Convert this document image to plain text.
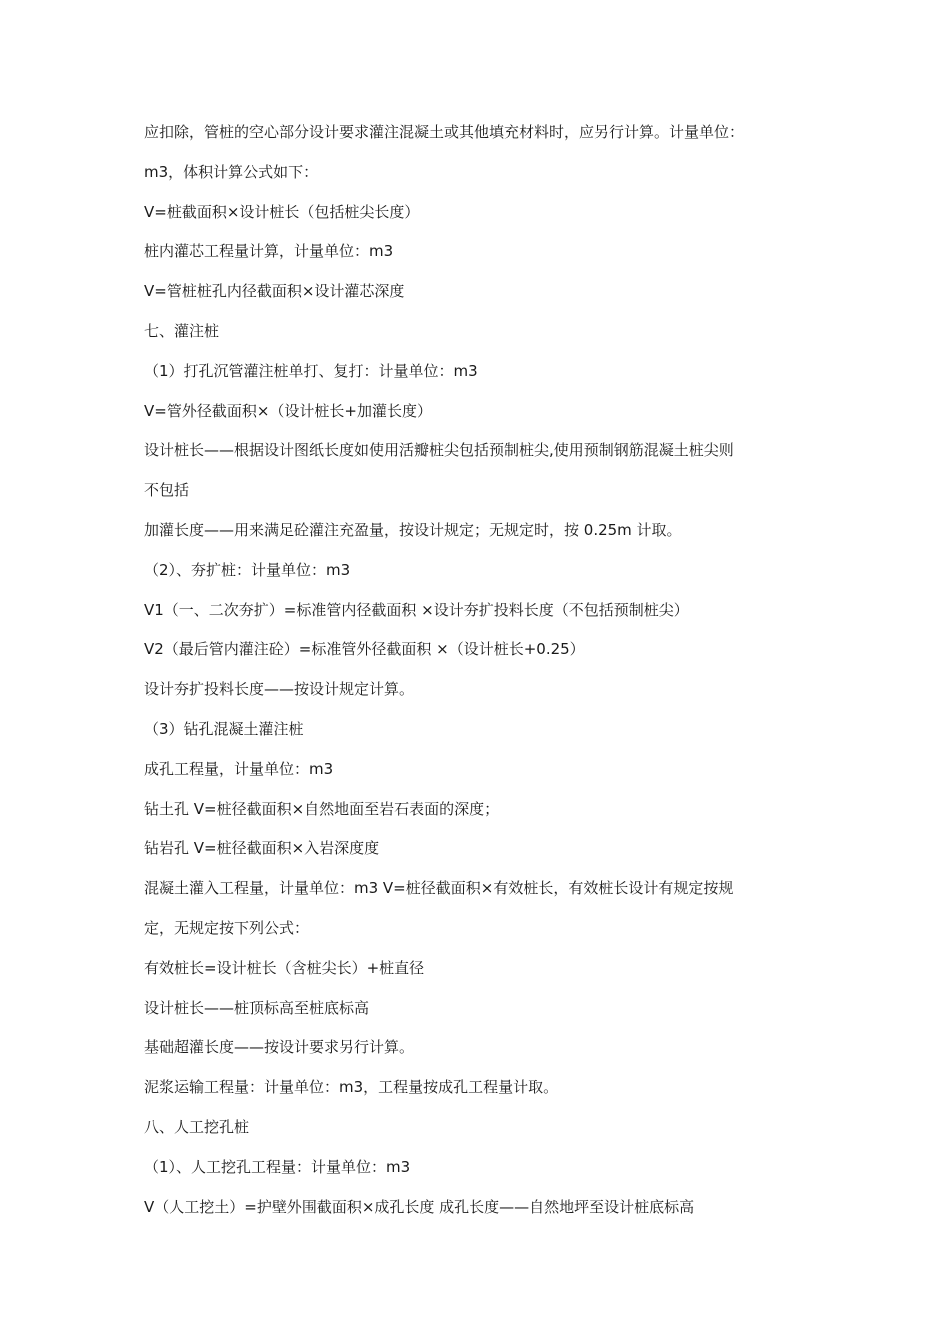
应扣除，管桩的空心部分设计要求灌注混凝土或其他填充材料时，应另行计算。计量单位：
m3，体积计算公式如下：
V=桩截面积×设计桩长（包括桩尖长度）
桩内灌芯工程量计算，计量单位：m3
V=管桩桩孔内径截面积×设计灌芯深度
七、灌注桩
（1）打孔沉管灌注桩单打、复打：计量单位：m3
V=管外径截面积×（设计桩长+加灌长度）
设计桩长——根据设计图纸长度如使用活瓣桩尖包括预制桩尖,使用预制钢筋混凝土桩尖则
不包括
加灌长度——用来满足砼灌注充盈量，按设计规定；无规定时，按 0.25m 计取。
（2）、夯扩桩：计量单位：m3
V1（一、二次夯扩）=标准管内径截面积 ×设计夯扩投料长度（不包括预制桩尖）
V2（最后管内灌注砼）=标准管外径截面积 ×（设计桩长+0.25）
设计夯扩投料长度——按设计规定计算。
（3）钻孔混凝土灌注桩
成孔工程量，计量单位：m3
钻土孔 V=桩径截面积×自然地面至岩石表面的深度；
钻岩孔 V=桩径截面积×入岩深度度
混凝土灌入工程量，计量单位：m3 V=桩径截面积×有效桩长，有效桩长设计有规定按规
定，无规定按下列公式：
有效桩长=设计桩长（含桩尖长）+桩直径
设计桩长——桩顶标高至桩底标高
基础超灌长度——按设计要求另行计算。
泥浆运输工程量：计量单位：m3，工程量按成孔工程量计取。
八、人工挖孔桩
（1）、人工挖孔工程量：计量单位：m3
V（人工挖土）=护壁外围截面积×成孔长度 成孔长度——自然地坪至设计桩底标高
